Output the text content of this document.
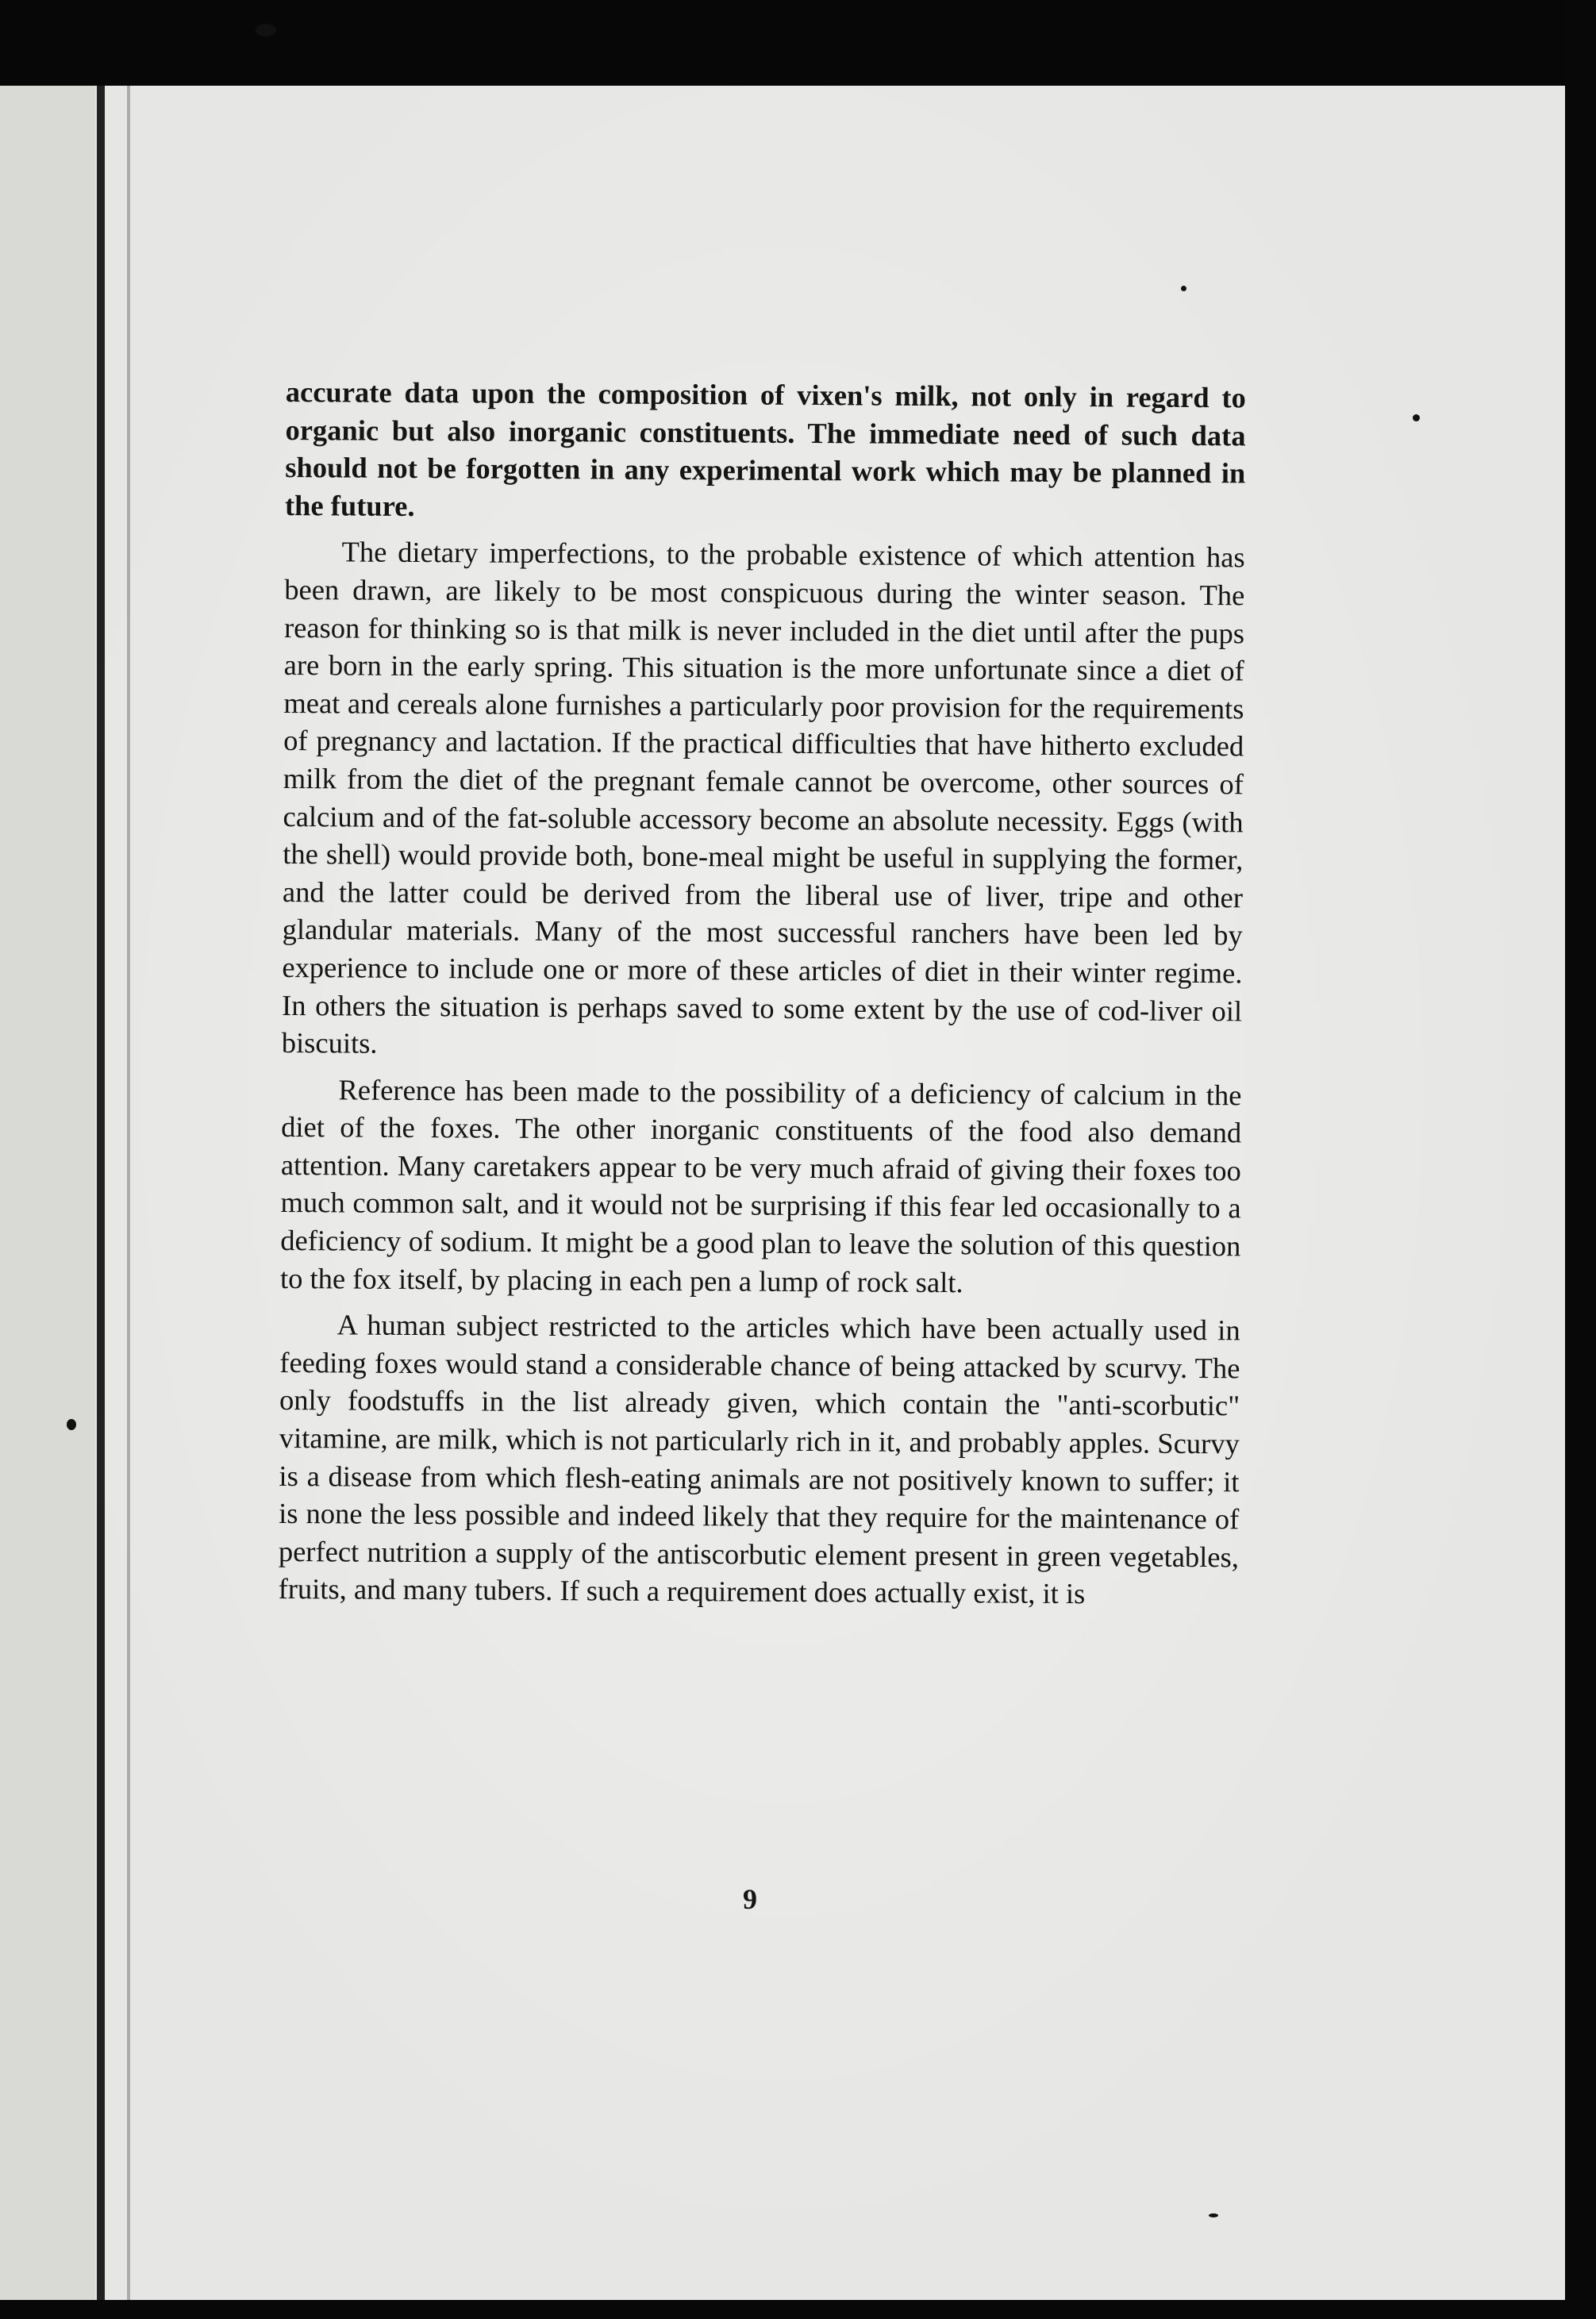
accurate data upon the composition of vixen's milk, not only in regard to organic but also inorganic constituents. The immediate need of such data should not be forgotten in any experimental work which may be planned in the future.

The dietary imperfections, to the probable existence of which attention has been drawn, are likely to be most conspicuous during the winter season. The reason for thinking so is that milk is never included in the diet until after the pups are born in the early spring. This situation is the more unfortunate since a diet of meat and cereals alone furnishes a particularly poor provision for the requirements of pregnancy and lactation. If the practical difficulties that have hitherto excluded milk from the diet of the pregnant female cannot be overcome, other sources of calcium and of the fat-soluble accessory become an absolute necessity. Eggs (with the shell) would provide both, bone-meal might be useful in supplying the former, and the latter could be derived from the liberal use of liver, tripe and other glandular materials. Many of the most successful ranchers have been led by experience to include one or more of these articles of diet in their winter regime. In others the situation is perhaps saved to some extent by the use of cod-liver oil biscuits.

Reference has been made to the possibility of a deficiency of calcium in the diet of the foxes. The other inorganic constituents of the food also demand attention. Many caretakers appear to be very much afraid of giving their foxes too much common salt, and it would not be surprising if this fear led occasionally to a deficiency of sodium. It might be a good plan to leave the solution of this question to the fox itself, by placing in each pen a lump of rock salt.

A human subject restricted to the articles which have been actually used in feeding foxes would stand a considerable chance of being attacked by scurvy. The only foodstuffs in the list already given, which contain the "anti-scorbutic" vitamine, are milk, which is not particularly rich in it, and probably apples. Scurvy is a disease from which flesh-eating animals are not positively known to suffer; it is none the less possible and indeed likely that they require for the maintenance of perfect nutrition a supply of the antiscorbutic element present in green vegetables, fruits, and many tubers. If such a requirement does actually exist, it is

9
